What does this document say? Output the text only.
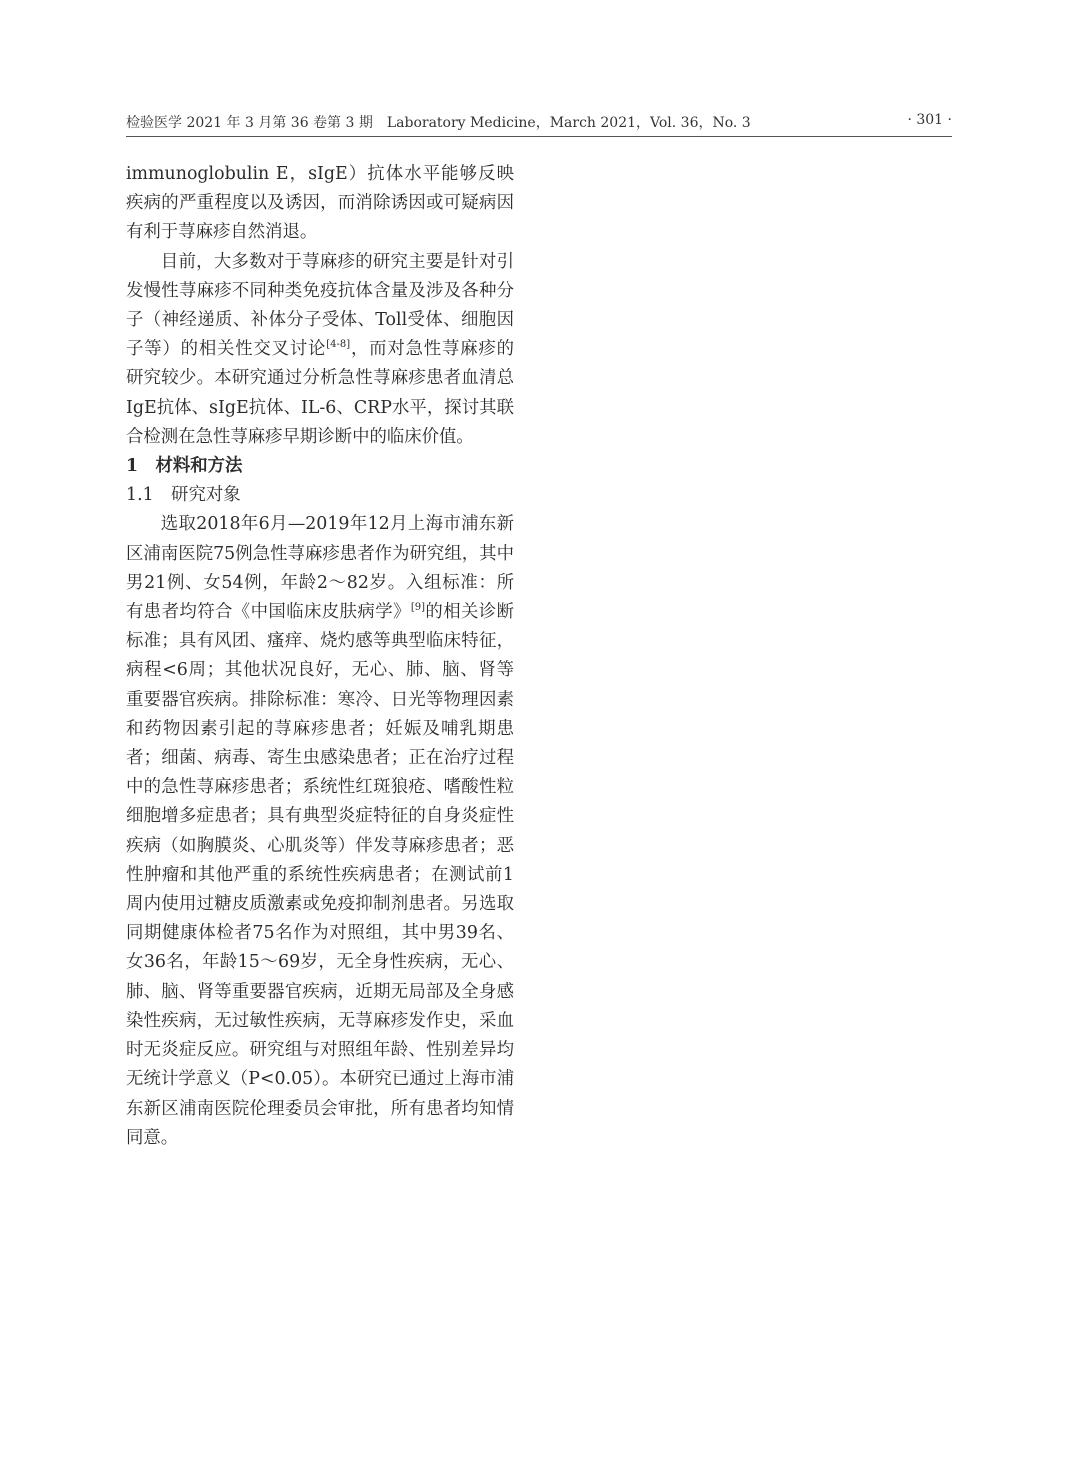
检验医学 2021 年 3 月第 36 卷第 3 期　Laboratory Medicine，March 2021，Vol. 36，No. 3	· 301 ·

immunoglobulin E，sIgE）抗体水平能够反映疾病的严重程度以及诱因，而消除诱因或可疑病因有利于荨麻疹自然消退。

目前，大多数对于荨麻疹的研究主要是针对引发慢性荨麻疹不同种类免疫抗体含量及涉及各种分子（神经递质、补体分子受体、Toll受体、细胞因子等）的相关性交叉讨论[4-8]，而对急性荨麻疹的研究较少。本研究通过分析急性荨麻疹患者血清总IgE抗体、sIgE抗体、IL-6、CRP水平，探讨其联合检测在急性荨麻疹早期诊断中的临床价值。

1　材料和方法

1.1　研究对象

选取2018年6月—2019年12月上海市浦东新区浦南医院75例急性荨麻疹患者作为研究组，其中男21例、女54例，年龄2～82岁。入组标准：所有患者均符合《中国临床皮肤病学》[9]的相关诊断标准；具有风团、瘙痒、烧灼感等典型临床特征，病程<6周；其他状况良好，无心、肺、脑、肾等重要器官疾病。排除标准：寒冷、日光等物理因素和药物因素引起的荨麻疹患者；妊娠及哺乳期患者；细菌、病毒、寄生虫感染患者；正在治疗过程中的急性荨麻疹患者；系统性红斑狼疮、嗜酸性粒细胞增多症患者；具有典型炎症特征的自身炎症性疾病（如胸膜炎、心肌炎等）伴发荨麻疹患者；恶性肿瘤和其他严重的系统性疾病患者；在测试前1周内使用过糖皮质激素或免疫抑制剂患者。另选取同期健康体检者75名作为对照组，其中男39名、女36名，年龄15～69岁，无全身性疾病，无心、肺、脑、肾等重要器官疾病，近期无局部及全身感染性疾病，无过敏性疾病，无荨麻疹发作史，采血时无炎症反应。研究组与对照组年龄、性别差异均无统计学意义（P<0.05）。本研究已通过上海市浦东新区浦南医院伦理委员会审批，所有患者均知情同意。
